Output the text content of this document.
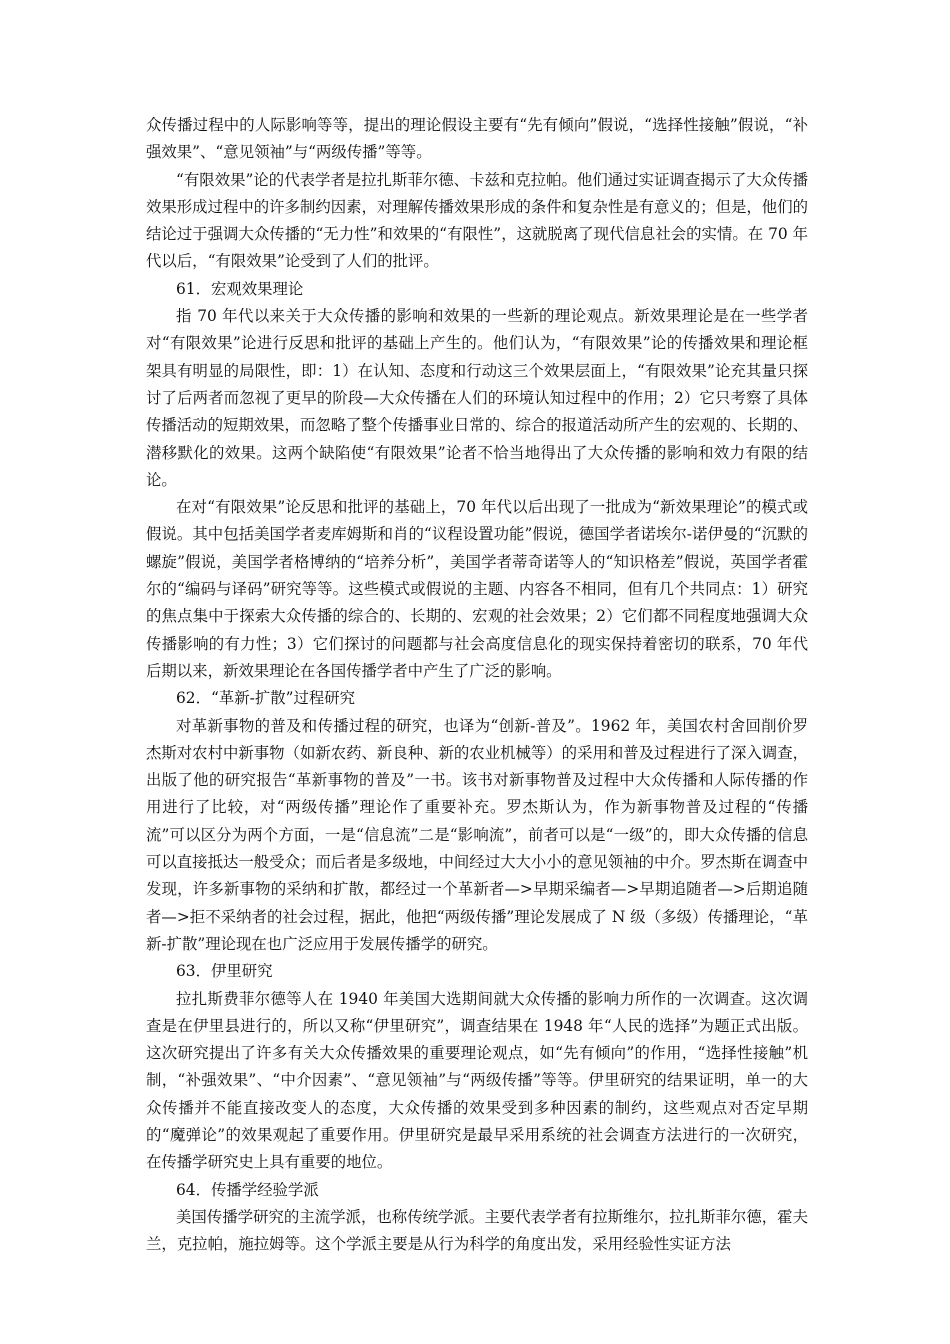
众传播过程中的人际影响等等，提出的理论假设主要有“先有倾向”假说，“选择性接触”假说，“补强效果”、“意见领袖”与“两级传播”等等。

“有限效果”论的代表学者是拉扎斯菲尔德、卡兹和克拉帕。他们通过实证调查揭示了大众传播效果形成过程中的许多制约因素，对理解传播效果形成的条件和复杂性是有意义的；但是，他们的结论过于强调大众传播的“无力性”和效果的“有限性”，这就脱离了现代信息社会的实情。在 70 年代以后，“有限效果”论受到了人们的批评。

61．宏观效果理论

指 70 年代以来关于大众传播的影响和效果的一些新的理论观点。新效果理论是在一些学者对“有限效果”论进行反思和批评的基础上产生的。他们认为，“有限效果”论的传播效果和理论框架具有明显的局限性，即：1）在认知、态度和行动这三个效果层面上，“有限效果”论充其量只探讨了后两者而忽视了更早的阶段—大众传播在人们的环境认知过程中的作用；2）它只考察了具体传播活动的短期效果，而忽略了整个传播事业日常的、综合的报道活动所产生的宏观的、长期的、潜移默化的效果。这两个缺陷使“有限效果”论者不恰当地得出了大众传播的影响和效力有限的结论。

在对“有限效果”论反思和批评的基础上，70 年代以后出现了一批成为“新效果理论”的模式或假说。其中包括美国学者麦库姆斯和肖的“议程设置功能”假说，德国学者诺埃尔-诺伊曼的“沉默的螺旋”假说，美国学者格博纳的“培养分析”，美国学者蒂奇诺等人的“知识格差”假说，英国学者霍尔的“编码与译码”研究等等。这些模式或假说的主题、内容各不相同，但有几个共同点：1）研究的焦点集中于探索大众传播的综合的、长期的、宏观的社会效果；2）它们都不同程度地强调大众传播影响的有力性；3）它们探讨的问题都与社会高度信息化的现实保持着密切的联系，70 年代后期以来，新效果理论在各国传播学者中产生了广泛的影响。

62．“革新-扩散”过程研究

对革新事物的普及和传播过程的研究，也译为“创新-普及”。1962 年，美国农村舍回削价罗杰斯对农村中新事物（如新农药、新良种、新的农业机械等）的采用和普及过程进行了深入调查，出版了他的研究报告“革新事物的普及”一书。该书对新事物普及过程中大众传播和人际传播的作用进行了比较，对“两级传播”理论作了重要补充。罗杰斯认为，作为新事物普及过程的“传播流”可以区分为两个方面，一是“信息流”二是“影响流”，前者可以是“一级”的，即大众传播的信息可以直接抵达一般受众；而后者是多级地，中间经过大大小小的意见领袖的中介。罗杰斯在调查中发现，许多新事物的采纳和扩散，都经过一个革新者—>早期采编者—>早期追随者—>后期追随者—>拒不采纳者的社会过程，据此，他把“两级传播”理论发展成了 N 级（多级）传播理论，“革新-扩散”理论现在也广泛应用于发展传播学的研究。

63．伊里研究

拉扎斯费菲尔德等人在 1940 年美国大选期间就大众传播的影响力所作的一次调查。这次调查是在伊里县进行的，所以又称“伊里研究”，调查结果在 1948 年“人民的选择”为题正式出版。这次研究提出了许多有关大众传播效果的重要理论观点，如“先有倾向”的作用，“选择性接触”机制，“补强效果”、“中介因素”、“意见领袖”与“两级传播”等等。伊里研究的结果证明，单一的大众传播并不能直接改变人的态度，大众传播的效果受到多种因素的制约，这些观点对否定早期的“魔弹论”的效果观起了重要作用。伊里研究是最早采用系统的社会调查方法进行的一次研究，在传播学研究史上具有重要的地位。

64．传播学经验学派

美国传播学研究的主流学派，也称传统学派。主要代表学者有拉斯维尔，拉扎斯菲尔德，霍夫兰，克拉帕，施拉姆等。这个学派主要是从行为科学的角度出发，采用经验性实证方法
